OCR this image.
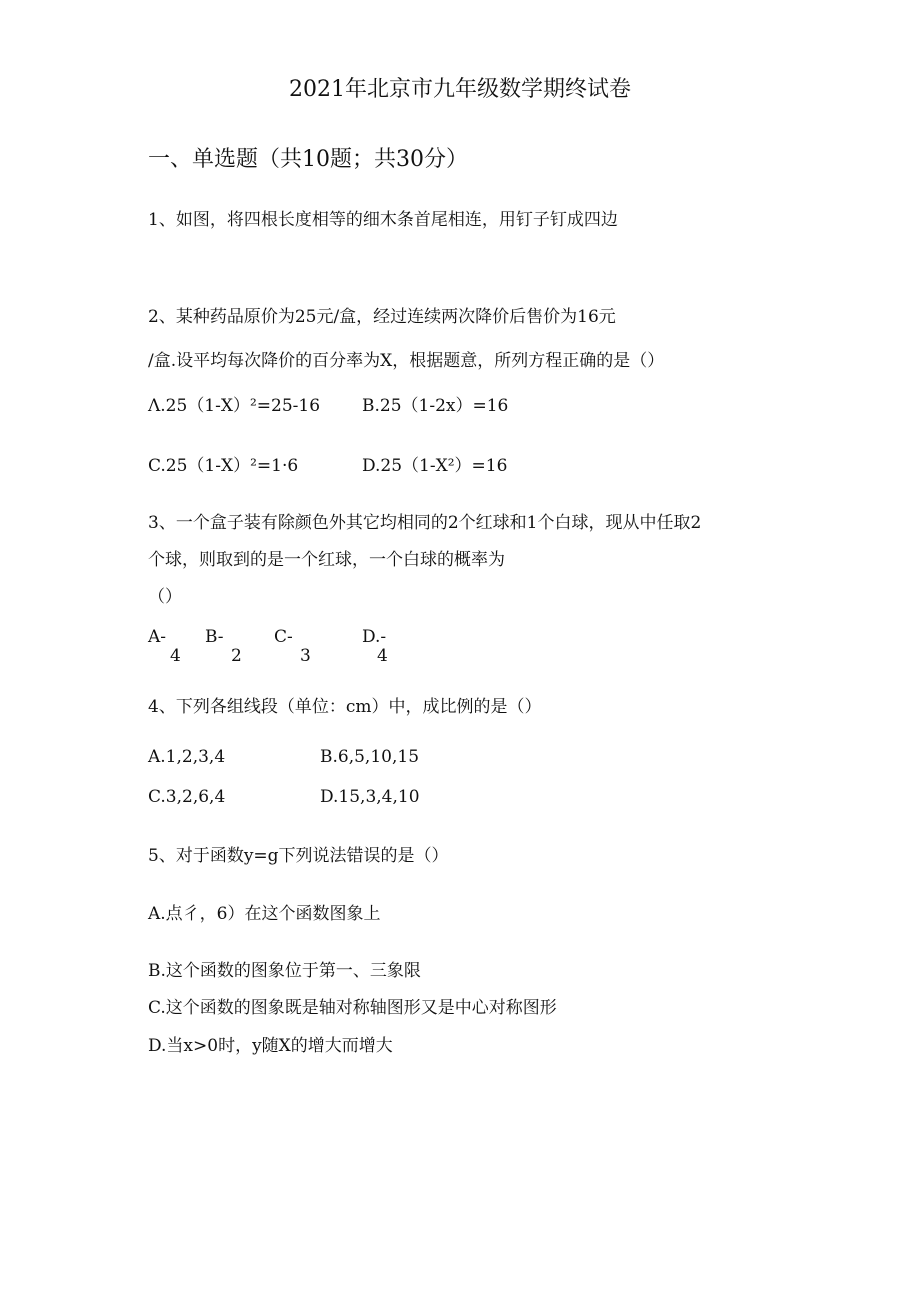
2021年北京市九年级数学期终试卷
一、单选题（共10题；共30分）
1、如图，将四根长度相等的细木条首尾相连，用钉子钉成四边
2、某种药品原价为25元/盒，经过连续两次降价后售价为16元
/盒.设平均每次降价的百分率为X，根据题意，所列方程正确的是（）
Λ.25（1-X）²=25-16 B.25（1-2x）=16
C.25（1-X）²=1·6	D.25（1-X²）=16
3、一个盒子装有除颜色外其它均相同的2个红球和1个白球，现从中任取2
个球，则取到的是一个红球，一个白球的概率为
（）
A-
4
B-
2
C-
3
D.-
4
4、下列各组线段（单位：cm）中，成比例的是（）
A.1,2,3,4	B.6,5,10,15
C.3,2,6,4	D.15,3,4,10
5、对于函数y=g下列说法错误的是（）
A.点彳，6）在这个函数图象上
B.这个函数的图象位于第一、三象限
C.这个函数的图象既是轴对称轴图形又是中心对称图形
D.当x>0时，y随X的增大而增大
